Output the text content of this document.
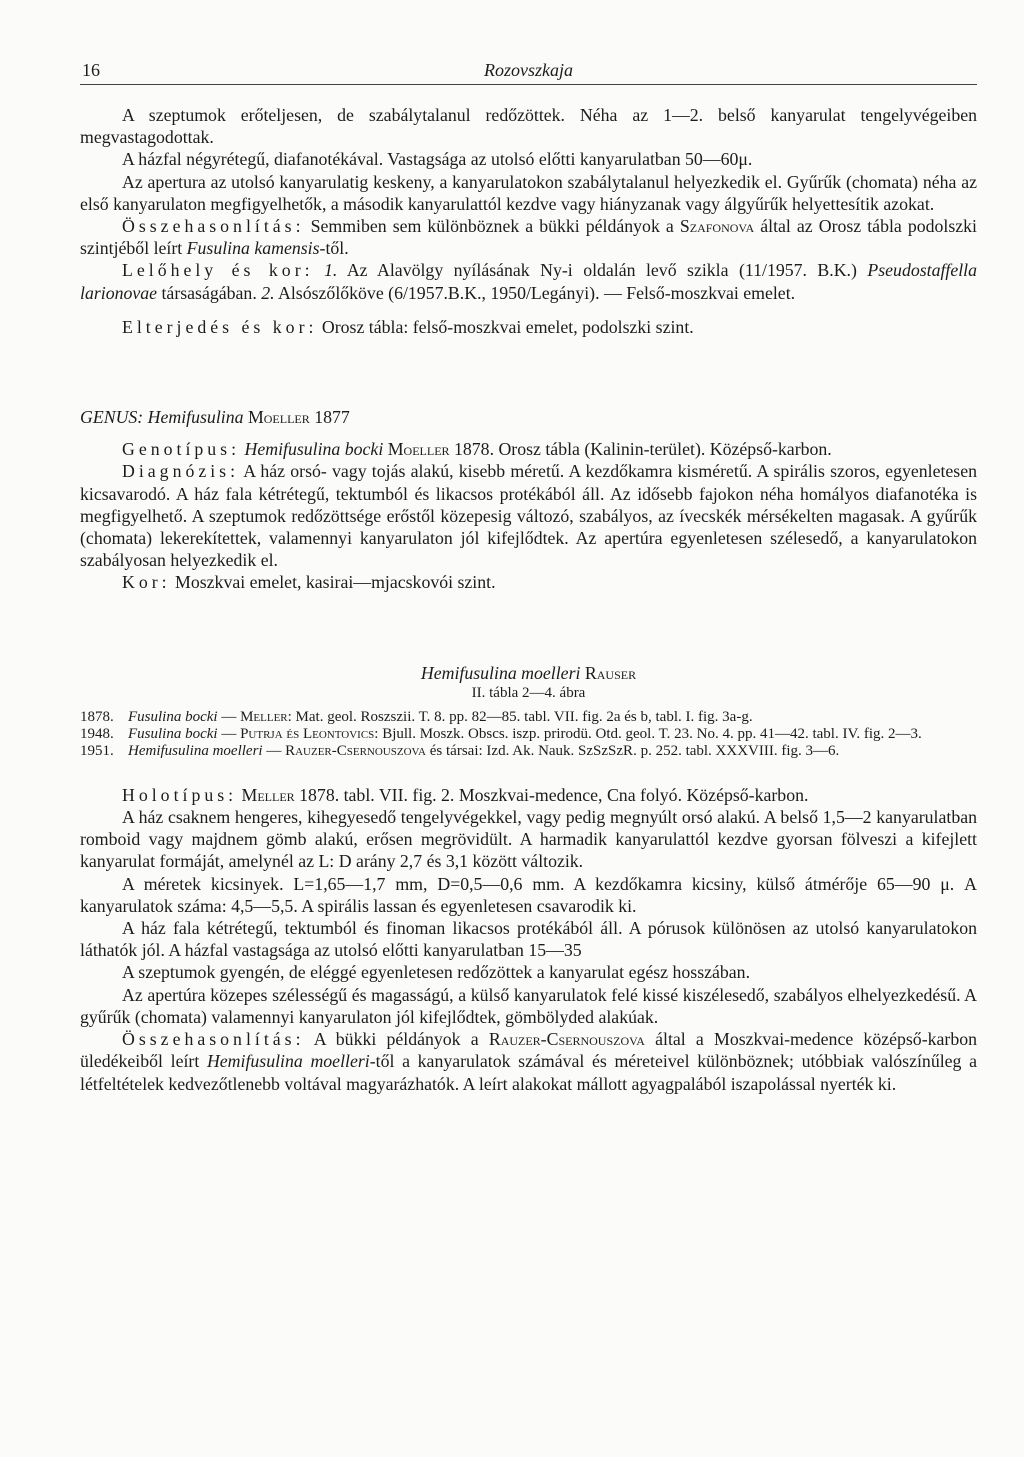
16	Rozovszkaja

A szeptumok erőteljesen, de szabálytalanul redőzöttek. Néha az 1—2. belső kanyarulat tengelyvégeiben megvastagodottak.

A házfal négyrétegű, diafanotékával. Vastagsága az utolsó előtti kanyarulatban 50—60μ.

Az apertura az utolsó kanyarulatig keskeny, a kanyarulatokon szabálytalanul helyezkedik el. Gyűrűk (chomata) néha az első kanyarulaton megfigyelhetők, a második kanyarulattól kezdve vagy hiányzanak vagy álgyűrűk helyettesítik azokat.

Összehasonlítás: Semmiben sem különböznek a bükki példányok a Szafonova által az Orosz tábla podolszki szintjéből leírt Fusulina kamensis-től.

Lelőhely és kor: 1. Az Alavölgy nyílásának Ny-i oldalán levő szikla (11/1957. B.K.) Pseudostaffella larionovae társaságában. 2. Alsószőlőköve (6/1957.B.K., 1950/Legányi). — Felső-moszkvai emelet.

Elterjedés és kor: Orosz tábla: felső-moszkvai emelet, podolszki szint.

GENUS: Hemifusulina Moeller 1877

Genotípus: Hemifusulina bocki Moeller 1878. Orosz tábla (Kalinin-terület). Középső-karbon.

Diagnózis: A ház orsó- vagy tojás alakú, kisebb méretű. A kezdőkamra kisméretű. A spirális szoros, egyenletesen kicsavarodó. A ház fala kétrétegű, tektumból és likacsos protékából áll. Az idősebb fajokon néha homályos diafanotéka is megfigyelhető. A szeptumok redőzöttsége erőstől közepesig változó, szabályos, az ívecskék mérsékelten magasak. A gyűrűk (chomata) lekerekítettek, valamennyi kanyarulaton jól kifejlődtek. Az apertúra egyenletesen szélesedő, a kanyarulatokon szabályosan helyezkedik el.

Kor: Moszkvai emelet, kasirai—mjacskovói szint.

Hemifusulina moelleri Rauser

II. tábla 2—4. ábra

1878. Fusulina bocki — Meller: Mat. geol. Roszszii. T. 8. pp. 82—85. tabl. VII. fig. 2a és b, tabl. I. fig. 3a-g.
1948. Fusulina bocki — Putrja és Leontovics: Bjull. Moszk. Obscs. iszp. prirodü. Otd. geol. T. 23. No. 4. pp. 41—42. tabl. IV. fig. 2—3.
1951. Hemifusulina moelleri — Rauzer-Csernouszova és társai: Izd. Ak. Nauk. SzSzSzR. p. 252. tabl. XXXVIII. fig. 3—6.

Holotípus: Meller 1878. tabl. VII. fig. 2. Moszkvai-medence, Cna folyó. Középső-karbon.

A ház csaknem hengeres, kihegyesedő tengelyvégekkel, vagy pedig megnyúlt orsó alakú. A belső 1,5—2 kanyarulatban romboid vagy majdnem gömb alakú, erősen megrövidült. A harmadik kanyarulattól kezdve gyorsan fölveszi a kifejlett kanyarulat formáját, amelynél az L: D arány 2,7 és 3,1 között változik.

A méretek kicsinyek. L=1,65—1,7 mm, D=0,5—0,6 mm. A kezdőkamra kicsiny, külső átmérője 65—90 μ. A kanyarulatok száma: 4,5—5,5. A spirális lassan és egyenletesen csavarodik ki.

A ház fala kétrétegű, tektumból és finoman likacsos protékából áll. A pórusok különösen az utolsó kanyarulatokon láthatók jól. A házfal vastagsága az utolsó előtti kanyarulatban 15—35

A szeptumok gyengén, de eléggé egyenletesen redőzöttek a kanyarulat egész hosszában.

Az apertúra közepes szélességű és magasságú, a külső kanyarulatok felé kissé kiszélesedő, szabályos elhelyezkedésű. A gyűrűk (chomata) valamennyi kanyarulaton jól kifejlődtek, gömbölyded alakúak.

Összehasonlítás: A bükki példányok a Rauzer-Csernouszova által a Moszkvai-medence középső-karbon üledékeiből leírt Hemifusulina moelleri-től a kanyarulatok számával és méreteivel különböznek; utóbbiak valószínűleg a létfeltételek kedvezőtlenebb voltával magyarázhatók. A leírt alakokat mállott agyagpalából iszapolással nyerték ki.
